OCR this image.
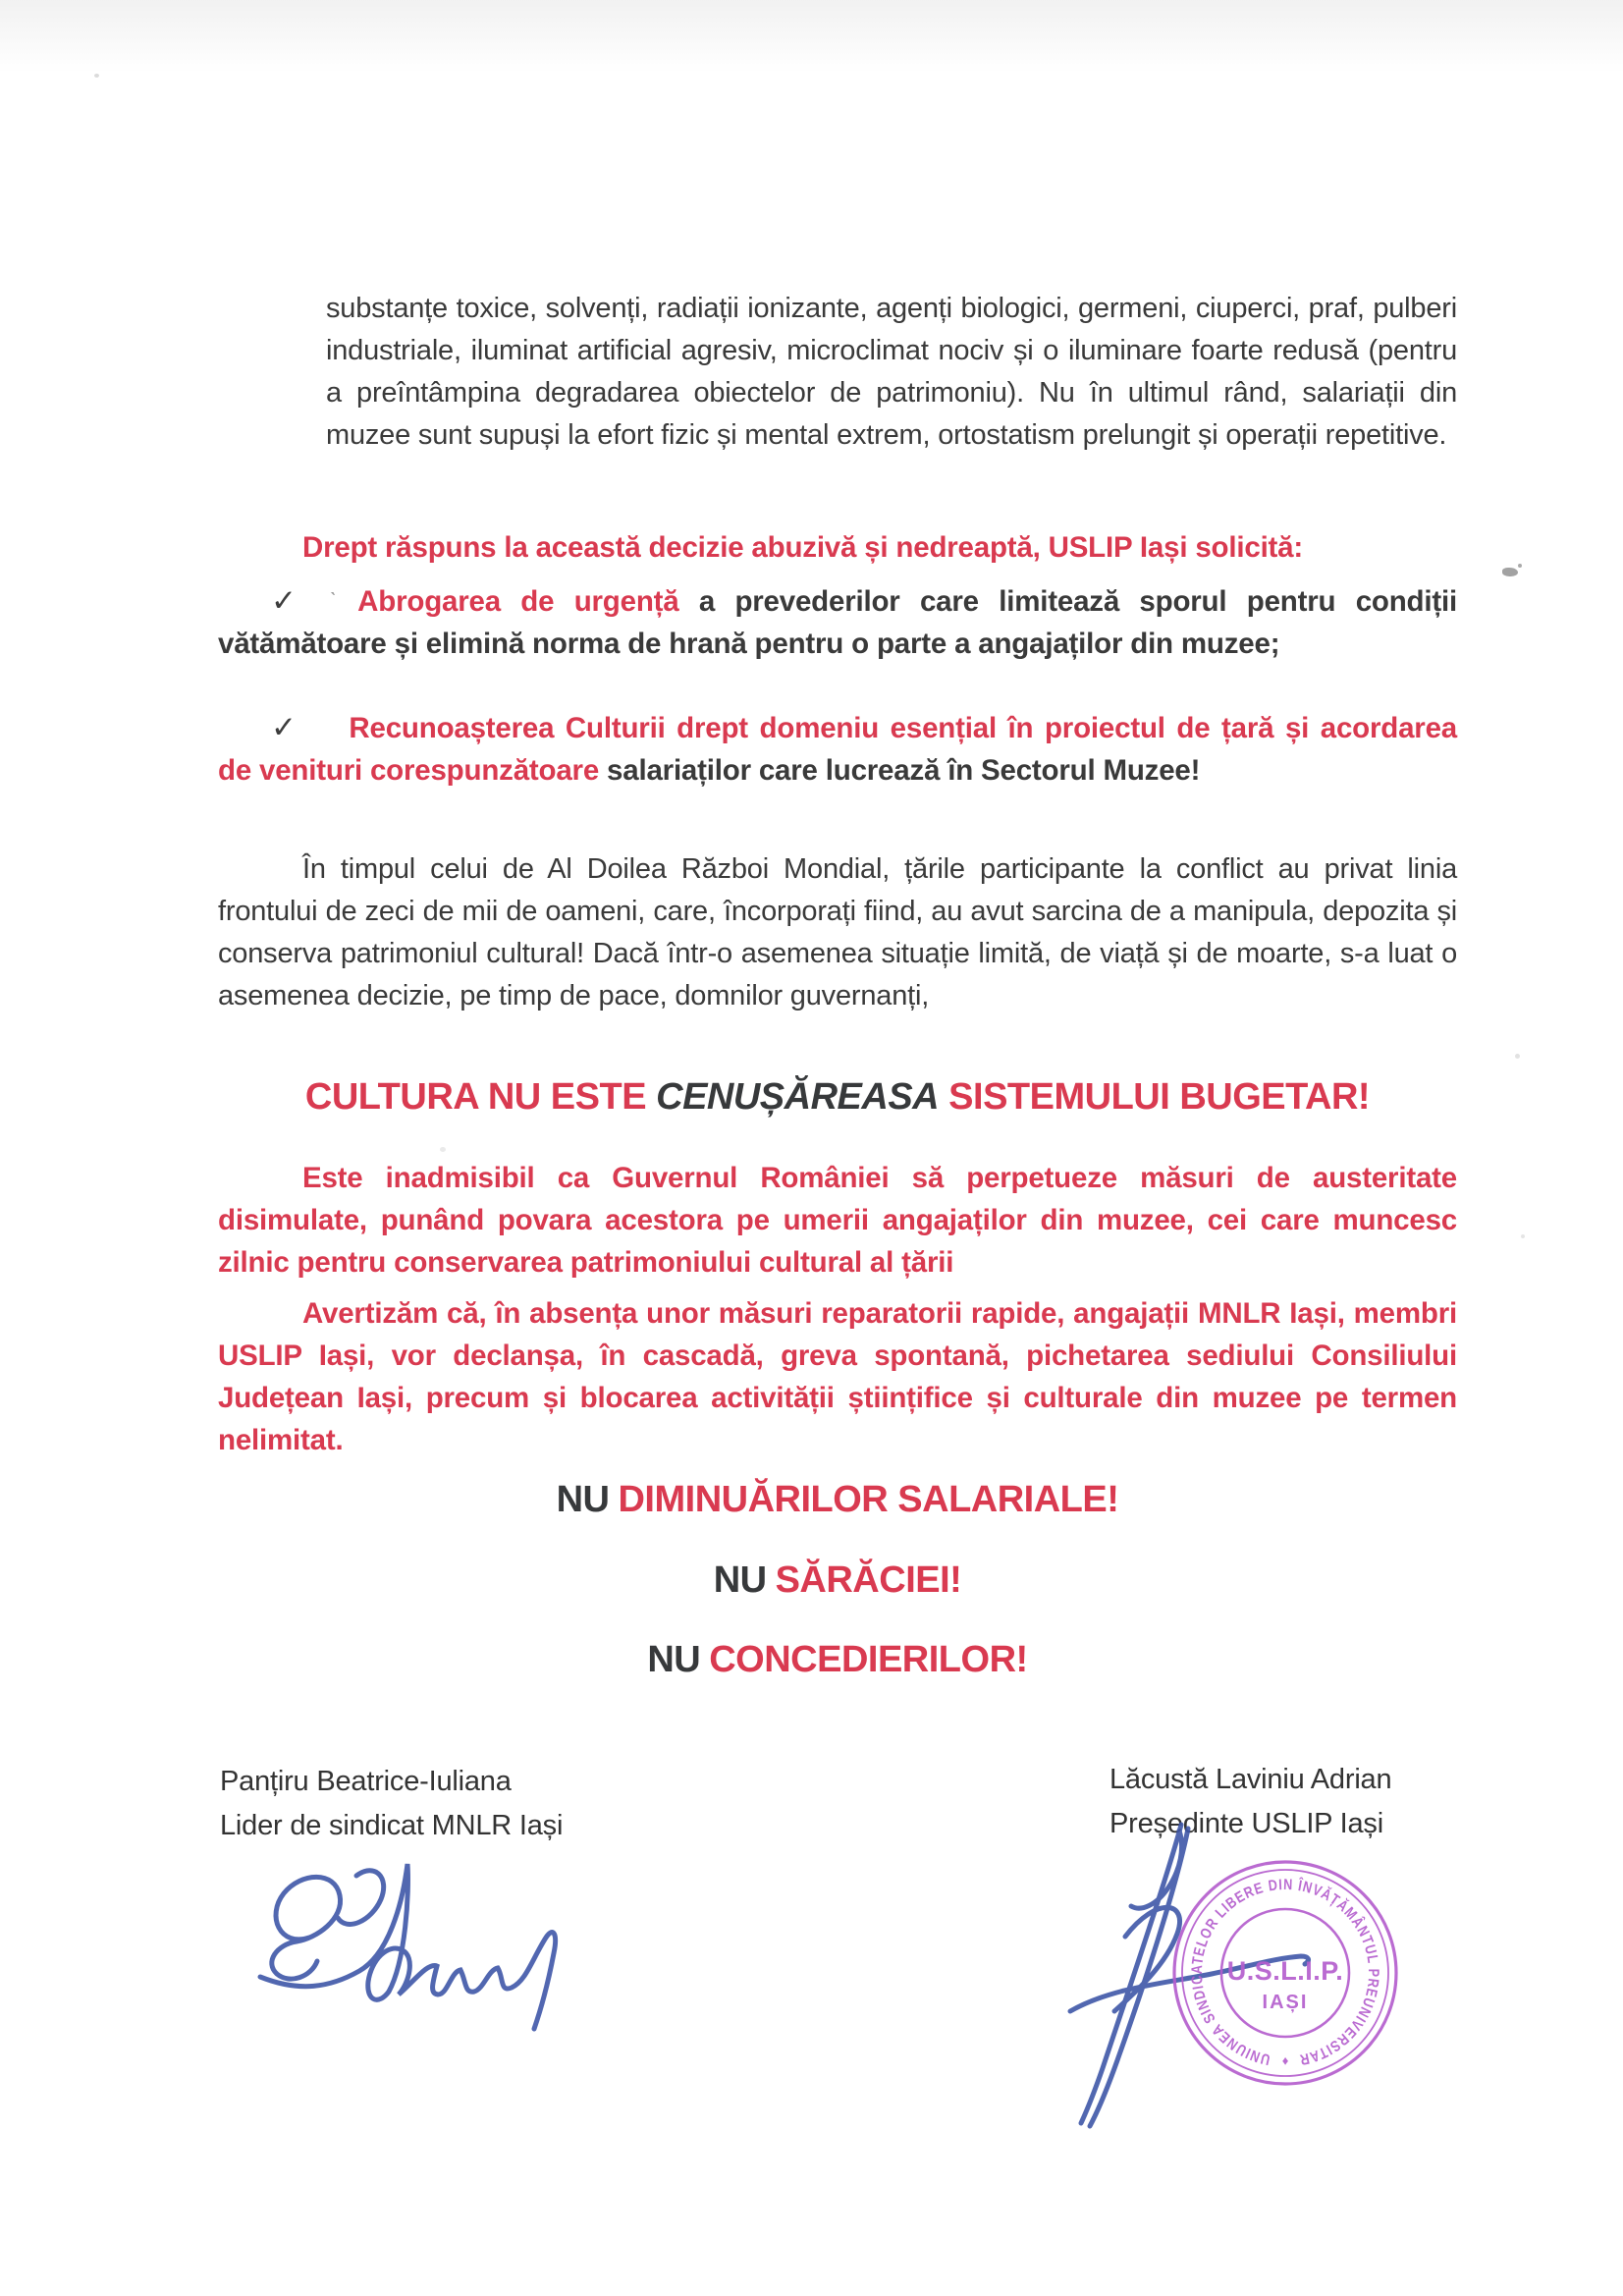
substanțe toxice, solvenți, radiații ionizante, agenți biologici, germeni, ciuperci, praf, pulberi industriale, iluminat artificial agresiv, microclimat nociv și o iluminare foarte redusă (pentru a preîntâmpina degradarea obiectelor de patrimoniu). Nu în ultimul rând, salariații din muzee sunt supuși la efort fizic și mental extrem, ortostatism prelungit și operații repetitive.

Drept răspuns la această decizie abuzivă și nedreaptă, USLIP Iași solicită:

✓ ˋ Abrogarea de urgență a prevederilor care limitează sporul pentru condiții vătămătoare și elimină norma de hrană pentru o parte a angajaților din muzee;

✓ Recunoașterea Culturii drept domeniu esențial în proiectul de țară și acordarea de venituri corespunzătoare salariaților care lucrează în Sectorul Muzee!

În timpul celui de Al Doilea Război Mondial, țările participante la conflict au privat linia frontului de zeci de mii de oameni, care, încorporați fiind, au avut sarcina de a manipula, depozita și conserva patrimoniul cultural! Dacă într-o asemenea situație limită, de viață și de moarte, s-a luat o asemenea decizie, pe timp de pace, domnilor guvernanți,

CULTURA NU ESTE CENUȘĂREASA SISTEMULUI BUGETAR!

Este inadmisibil ca Guvernul României să perpetueze măsuri de austeritate disimulate, punând povara acestora pe umerii angajaților din muzee, cei care muncesc zilnic pentru conservarea patrimoniului cultural al țării

Avertizăm că, în absența unor măsuri reparatorii rapide, angajații MNLR Iași, membri USLIP Iași, vor declanșa, în cascadă, greva spontană, pichetarea sediului Consiliului Județean Iași, precum și blocarea activității științifice și culturale din muzee pe termen nelimitat.

NU DIMINUĂRILOR SALARIALE!

NU SĂRĂCIEI!

NU CONCEDIERILOR!

Panțiru Beatrice-Iuliana

Lider de sindicat MNLR Iași

Lăcustă Laviniu Adrian

Președinte USLIP Iași

UNIUNEA SINDICATELOR LIBERE DIN ÎNVĂȚĂMÂNTUL PREUNIVERSITAR
♦
U.S.L.I.P.
IAȘI
